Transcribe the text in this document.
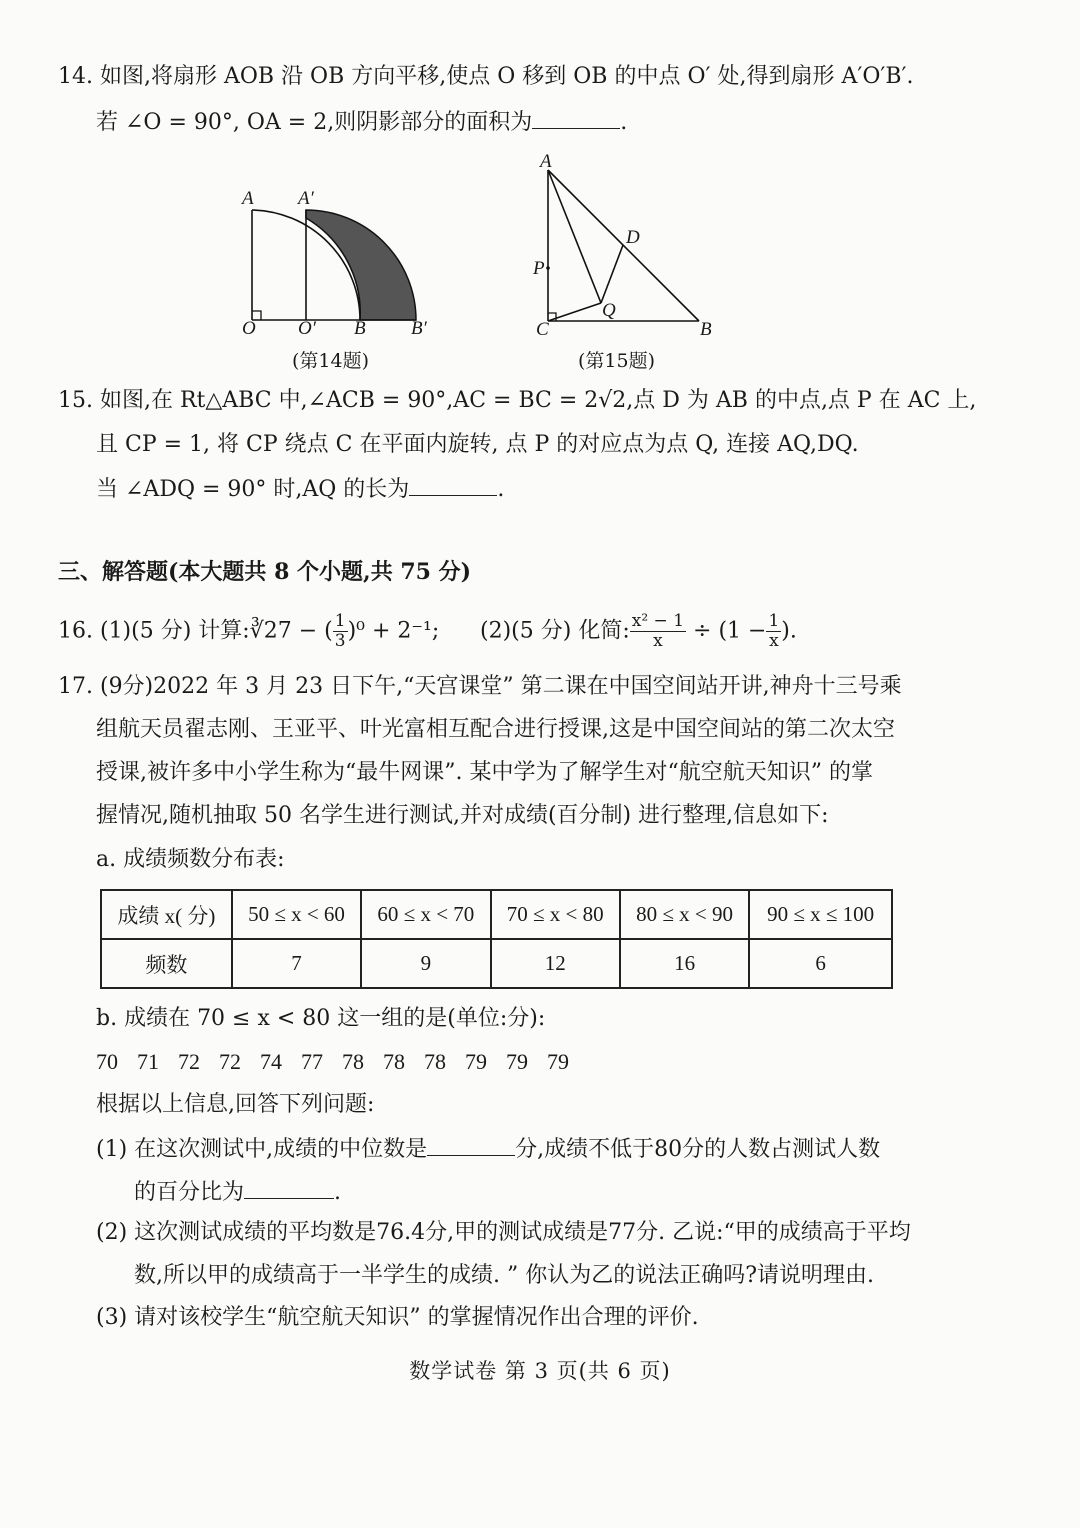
14. 如图,将扇形 AOB 沿 OB 方向平移,使点 O 移到 OB 的中点 O′ 处,得到扇形 A′O′B′.
若 ∠O = 90°, OA = 2,则阴影部分的面积为	.
A A′
O O′ B B′
(第14题)
A
D
P
Q
C	B
(第15题)
15. 如图,在 Rt△ABC 中,∠ACB = 90°,AC = BC = 2√2,点 D 为 AB 的中点,点 P 在 AC 上,
且 CP = 1, 将 CP 绕点 C 在平面内旋转, 点 P 的对应点为点 Q, 连接 AQ,DQ.
当 ∠ADQ = 90° 时,AQ 的长为	.
三、解答题(本大题共 8 个小题,共 75 分)
16. (1)(5 分) 计算:∛27 − ( $\frac{1}{3} )^0 + 2^{-1}$; (2)(5 分) 化简: $\frac{\text{x² − 1}}{x} \div (1 - \frac{1}{x}$ ).
17. (9分)2022 年 3 月 23 日下午,“天宫课堂” 第二课在中国空间站开讲,神舟十三号乘
组航天员翟志刚、王亚平、叶光富相互配合进行授课,这是中国空间站的第二次太空
授课,被许多中小学生称为“最牛网课”. 某中学为了解学生对“航空航天知识” 的掌
握情况,随机抽取 50 名学生进行测试,并对成绩(百分制) 进行整理,信息如下:
a. 成绩频数分布表:
成绩 x( 分)	50 ≤ x < 60	60 ≤ x < 70	70 ≤ x < 80	80 ≤ x < 90	90 ≤ x ≤ 100
频数	7	9	12	16	6
b. 成绩在 70 ≤ x < 80 这一组的是(单位:分):
70 71 72 72 74 77 78 78 78 79 79 79
根据以上信息,回答下列问题:
(1) 在这次测试中,成绩的中位数是	分,成绩不低于80分的人数占测试人数
的百分比为	.
(2) 这次测试成绩的平均数是76.4分,甲的测试成绩是77分. 乙说:“甲的成绩高于平均
数,所以甲的成绩高于一半学生的成绩. ” 你认为乙的说法正确吗?请说明理由.
(3) 请对该校学生“航空航天知识” 的掌握情况作出合理的评价.
数学试卷 第 3 页(共 6 页)
